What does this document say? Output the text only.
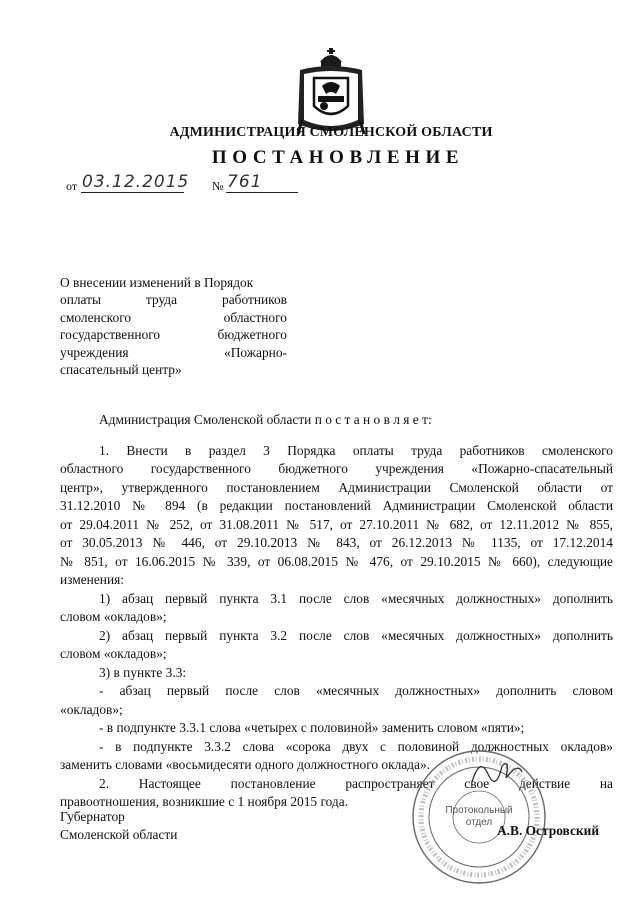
АДМИНИСТРАЦИЯ СМОЛЕНСКОЙ ОБЛАСТИ
ПОСТАНОВЛЕНИЕ
от 03.12.2015 № 761
О внесении изменений в Порядок
оплаты труда работников
смоленского областного
государственного бюджетного
учреждения «Пожарно-
спасательный центр»

Администрация Смоленской области п о с т а н о в л я е т:

1. Внести в раздел 3 Порядка оплаты труда работников смоленского
областного государственного бюджетного учреждения «Пожарно-спасательный
центр», утвержденного постановлением Администрации Смоленской области от
31.12.2010 № 894 (в редакции постановлений Администрации Смоленской области
от 29.04.2011 № 252, от 31.08.2011 № 517, от 27.10.2011 № 682, от 12.11.2012 № 855,
от 30.05.2013 № 446, от 29.10.2013 № 843, от 26.12.2013 № 1135, от 17.12.2014
№ 851, от 16.06.2015 № 339, от 06.08.2015 № 476, от 29.10.2015 № 660), следующие
изменения:
1) абзац первый пункта 3.1 после слов «месячных должностных» дополнить
словом «окладов»;
2) абзац первый пункта 3.2 после слов «месячных должностных» дополнить
словом «окладов»;
3) в пункте 3.3:
- абзац первый после слов «месячных должностных» дополнить словом
«окладов»;
- в подпункте 3.3.1 слова «четырех с половиной» заменить словом «пяти»;
- в подпункте 3.3.2 слова «сорока двух с половиной должностных окладов»
заменить словами «восьмидесяти одного должностного оклада».
2. Настоящее постановление распространяет свое действие на
правоотношения, возникшие с 1 ноября 2015 года.
Губернатор
Смоленской области
Протокольный
отдел
А.В. Островский
